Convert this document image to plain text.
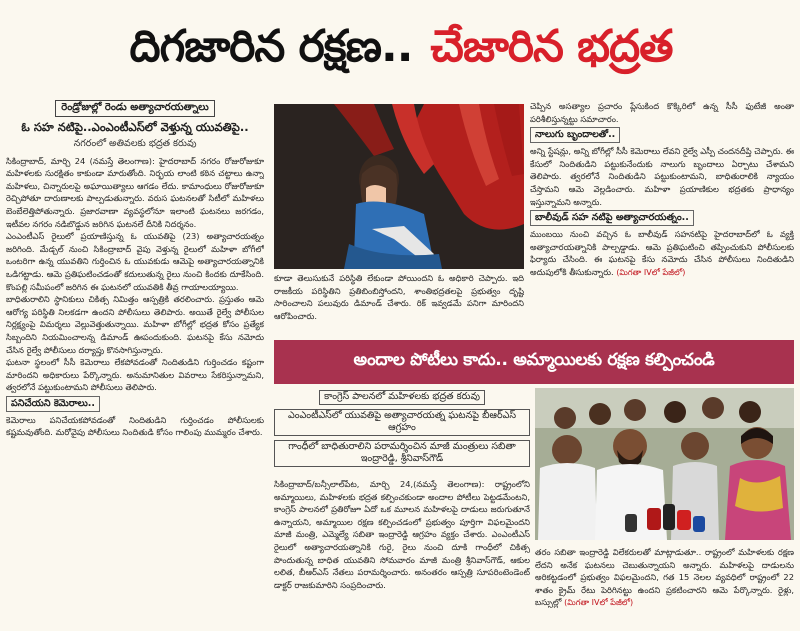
దిగజారిన రక్షణ.. చేజారిన భద్రత
రెండ్రోజుల్లో రెండు అత్యాచారయత్నాలు
ఓ సహ నటిపై..ఎంఎంటీఎస్‌లో వెళ్తున్న యువతిపై..
నగరంలో అతివలకు భద్రత కరువు

సికింద్రాబాద్, మార్చి 24 (నమస్తే తెలంగాణ): హైదరాబాద్ నగరం రోజురోజుకూ మహిళలకు సురక్షితం కాకుండా మారుతోంది. నిర్భయ లాంటి కఠిన చట్టాలు ఉన్నా మహిళలు, చిన్నారులపై అఘాయిత్యాలు ఆగడం లేదు. కామాంధులు రోజురోజుకూ రెచ్చిపోతూ దారుణాలకు పాల్పడుతున్నారు. వరుస ఘటనలతో సిటీలో మహిళలు బెంబేలెత్తిపోతున్నారు. ప్రజారవాణా వ్యవస్థలోనూ ఇలాంటి ఘటనలు జరగడం, ఇటీవల నగరం నడిబొడ్డున జరిగిన ఘటనలే దీనికి నిదర్శనం.

ఎంఎంటీఎస్ రైలులో ప్రయాణిస్తున్న ఓ యువతిపై (23) అత్యాచారయత్నం జరిగింది. మేడ్చల్ నుంచి సికింద్రాబాద్ వైపు వెళ్తున్న రైలులో మహిళా బోగీలో ఒంటరిగా ఉన్న యువతిని గుర్తించిన ఓ యువకుడు ఆమెపై అత్యాచారయత్నానికి ఒడిగట్టాడు. ఆమె ప్రతిఘటించడంతో కదులుతున్న రైలు నుంచి కిందకు దూకేసింది. కొంపల్లి సమీపంలో జరిగిన ఈ ఘటనలో యువతికి తీవ్ర గాయాలయ్యాయి.

బాధితురాలిని స్థానికులు చికిత్స నిమిత్తం ఆస్పత్రికి తరలించారు. ప్రస్తుతం ఆమె ఆరోగ్య పరిస్థితి నిలకడగా ఉందని పోలీసులు తెలిపారు. అయితే రైల్వే పోలీసుల నిర్లక్ష్యంపై విమర్శలు వెల్లువెత్తుతున్నాయి. మహిళా బోగీల్లో భద్రత కోసం ప్రత్యేక సిబ్బందిని నియమించాలన్న డిమాండ్ ఊపందుకుంది. ఘటనపై కేసు నమోదు చేసిన రైల్వే పోలీసులు దర్యాప్తు కొనసాగిస్తున్నారు.

ఘటనా స్థలంలో సీసీ కెమెరాలు లేకపోవడంతో నిందితుడిని గుర్తించడం కష్టంగా మారిందని అధికారులు పేర్కొన్నారు. అనుమానితుల వివరాలు సేకరిస్తున్నామని, త్వరలోనే పట్టుకుంటామని పోలీసులు తెలిపారు.

పనిచేయని కెమెరాలు..

కెమెరాలు పనిచేయకపోవడంతో నిందితుడిని గుర్తించడం పోలీసులకు కష్టమవుతోంది. మరోవైపు పోలీసులు నిందితుడి కోసం గాలింపు ముమ్మరం చేశారు.

కూడా తెలుసుకునే పరిస్థితి లేకుండా పోయిందని ఓ అధికారి చెప్పారు. ఇది రాజకీయ పరిస్థితిని ప్రతిబింబిస్తోందని, శాంతిభద్రతలపై ప్రభుత్వం దృష్టి సారించాలని పలువురు డిమాండ్ చేశారు. రిక్ ఇవ్వడమే పనిగా మారిందని ఆరోపించారు.

చెప్పిన అసత్యాల ప్రచారం ప్లేసుకింద కొక్కిరిలో ఉన్న సీసీ ఫుటేజీ అంతా పరిశీలిస్తున్నట్టు సమాచారం.

నాలుగు బృందాలతో..

అన్ని స్టేషన్లు, అన్ని బోగీల్లో సీసీ కెమెరాలు లేవని రైల్వే ఎస్పీ చందనదీప్తి చెప్పారు. ఈ కేసులో నిందితుడిని పట్టుకునేందుకు నాలుగు బృందాలు ఏర్పాటు చేశామని తెలిపారు. త్వరలోనే నిందితుడిని పట్టుకుంటామని, బాధితురాలికి న్యాయం చేస్తామని ఆమె వెల్లడించారు. మహిళా ప్రయాణికుల భద్రతకు ప్రాధాన్యం ఇస్తున్నామని అన్నారు.

బాలీవుడ్ సహ నటిపై అత్యాచారయత్నం..

ముంబయి నుంచి వచ్చిన ఓ బాలీవుడ్ సహనటిపై హైదరాబాద్‌లో ఓ వ్యక్తి అత్యాచారయత్నానికి పాల్పడ్డాడు. ఆమె ప్రతిఘటించి తప్పించుకుని పోలీసులకు ఫిర్యాదు చేసింది. ఈ ఘటనపై కేసు నమోదు చేసిన పోలీసులు నిందితుడిని అదుపులోకి తీసుకున్నారు. (మిగతా IVలో పేజీలో)

అందాల పోటీలు కాదు.. అమ్మాయిలకు రక్షణ కల్పించండి
కాంగ్రెస్ పాలనలో మహిళలకు భద్రత కరువు
ఎంఎంటీఎస్‌లో యువతిపై అత్యాచారయత్న ఘటనపై బీఆర్ఎస్ ఆగ్రహం
గాంధీలో బాధితురాలిని పరామర్శించిన మాజీ మంత్రులు సబితా ఇంద్రారెడ్డి, శ్రీనివాస్‌గౌడ్
సికింద్రాబాద్/బన్సీలాల్‌పేట, మార్చి 24,(నమస్తే తెలంగాణ): రాష్ట్రంలోని అమ్మాయిలు, మహిళలకు భద్రత కల్పించకుండా అందాల పోటీలు పెట్టడమేంటని, కాంగ్రెస్ పాలనలో ప్రతిరోజూ ఏదో ఒక మూలన మహిళలపై దాడులు జరుగుతూనే ఉన్నాయని, అమ్మాయిల రక్షణ కల్పించడంలో ప్రభుత్వం పూర్తిగా విఫలమైందని మాజీ మంత్రి, ఎమ్మెల్యే సబితా ఇంద్రారెడ్డి ఆగ్రహం వ్యక్తం చేశారు. ఎంఎంటీఎస్ రైలులో అత్యాచారయత్నానికి గురై, రైలు నుంచి దూకి గాంధీలో చికిత్స పొందుతున్న బాధిత యువతిని సోమవారం మాజీ మంత్రి శ్రీనివాస్‌గౌడ్, ఆకుల లలిత, బీఆర్ఎస్ నేతలు పరామర్శించారు. అనంతరం ఆస్పత్రి సూపరింటెండెంట్ డాక్టర్ రాజకుమారిని సంప్రదించారు.
తరం సబితా ఇంద్రారెడ్డి విలేకరులతో మాట్లాడుతూ.. రాష్ట్రంలో మహిళలకు రక్షణ లేదని అనేక ఘటనలు చెబుతున్నాయని అన్నారు. మహిళలపై దాడులను అరికట్టడంలో ప్రభుత్వం విఫలమైందని, గత 15 నెలల వ్యవధిలో రాష్ట్రంలో 22 శాతం క్రైమ్ రేటు పెరిగినట్టు ఉందని ప్రకటించారని ఆమె పేర్కొన్నారు. రైళ్లు, బస్సుల్లో (మిగతా IVలో పేజీలో)
